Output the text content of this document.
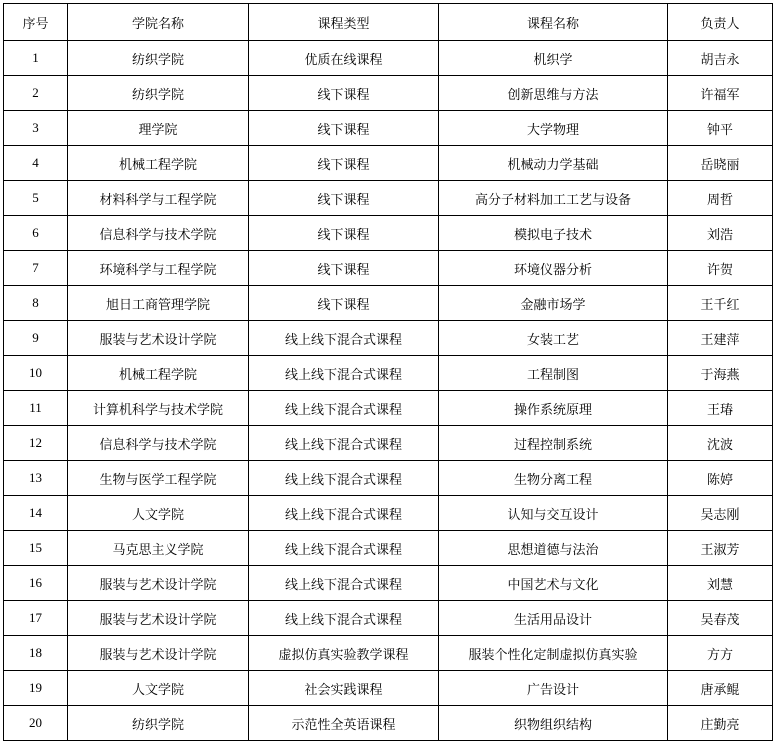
序号	学院名称	课程类型	课程名称	负责人
1	纺织学院	优质在线课程	机织学	胡吉永
2	纺织学院	线下课程	创新思维与方法	许福军
3	理学院	线下课程	大学物理	钟平
4	机械工程学院	线下课程	机械动力学基础	岳晓丽
5	材料科学与工程学院	线下课程	高分子材料加工工艺与设备	周哲
6	信息科学与技术学院	线下课程	模拟电子技术	刘浩
7	环境科学与工程学院	线下课程	环境仪器分析	许贺
8	旭日工商管理学院	线下课程	金融市场学	王千红
9	服装与艺术设计学院	线上线下混合式课程	女装工艺	王建萍
10	机械工程学院	线上线下混合式课程	工程制图	于海燕
11	计算机科学与技术学院	线上线下混合式课程	操作系统原理	王瑃
12	信息科学与技术学院	线上线下混合式课程	过程控制系统	沈波
13	生物与医学工程学院	线上线下混合式课程	生物分离工程	陈婷
14	人文学院	线上线下混合式课程	认知与交互设计	吴志刚
15	马克思主义学院	线上线下混合式课程	思想道德与法治	王淑芳
16	服装与艺术设计学院	线上线下混合式课程	中国艺术与文化	刘慧
17	服装与艺术设计学院	线上线下混合式课程	生活用品设计	吴春茂
18	服装与艺术设计学院	虚拟仿真实验教学课程	服装个性化定制虚拟仿真实验	方方
19	人文学院	社会实践课程	广告设计	唐承鲲
20	纺织学院	示范性全英语课程	织物组织结构	庄勤亮
